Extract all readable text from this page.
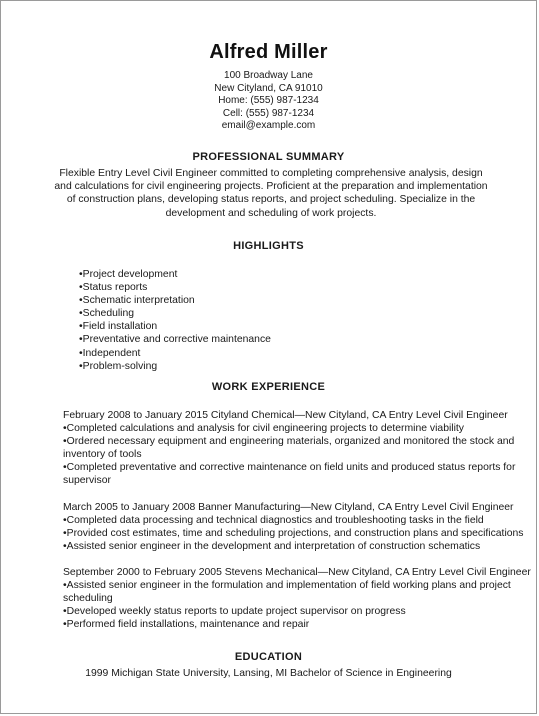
Alfred Miller
100 Broadway Lane
New Cityland, CA 91010
Home: (555) 987-1234
Cell: (555) 987-1234
email@example.com
PROFESSIONAL SUMMARY
Flexible Entry Level Civil Engineer committed to completing comprehensive analysis, design and calculations for civil engineering projects. Proficient at the preparation and implementation of construction plans, developing status reports, and project scheduling. Specialize in the development and scheduling of work projects.
HIGHLIGHTS
•Project development
•Status reports
•Schematic interpretation
•Scheduling
•Field installation
•Preventative and corrective maintenance
•Independent
•Problem-solving
WORK EXPERIENCE
February 2008 to January 2015 Cityland Chemical—New Cityland, CA Entry Level Civil Engineer
•Completed calculations and analysis for civil engineering projects to determine viability
•Ordered necessary equipment and engineering materials, organized and monitored the stock and inventory of tools
•Completed preventative and corrective maintenance on field units and produced status reports for supervisor
March 2005 to January 2008 Banner Manufacturing—New Cityland, CA Entry Level Civil Engineer
•Completed data processing and technical diagnostics and troubleshooting tasks in the field
•Provided cost estimates, time and scheduling projections, and construction plans and specifications
•Assisted senior engineer in the development and interpretation of construction schematics
September 2000 to February 2005 Stevens Mechanical—New Cityland, CA Entry Level Civil Engineer
•Assisted senior engineer in the formulation and implementation of field working plans and project scheduling
•Developed weekly status reports to update project supervisor on progress
•Performed field installations, maintenance and repair
EDUCATION
1999 Michigan State University, Lansing, MI Bachelor of Science in Engineering
